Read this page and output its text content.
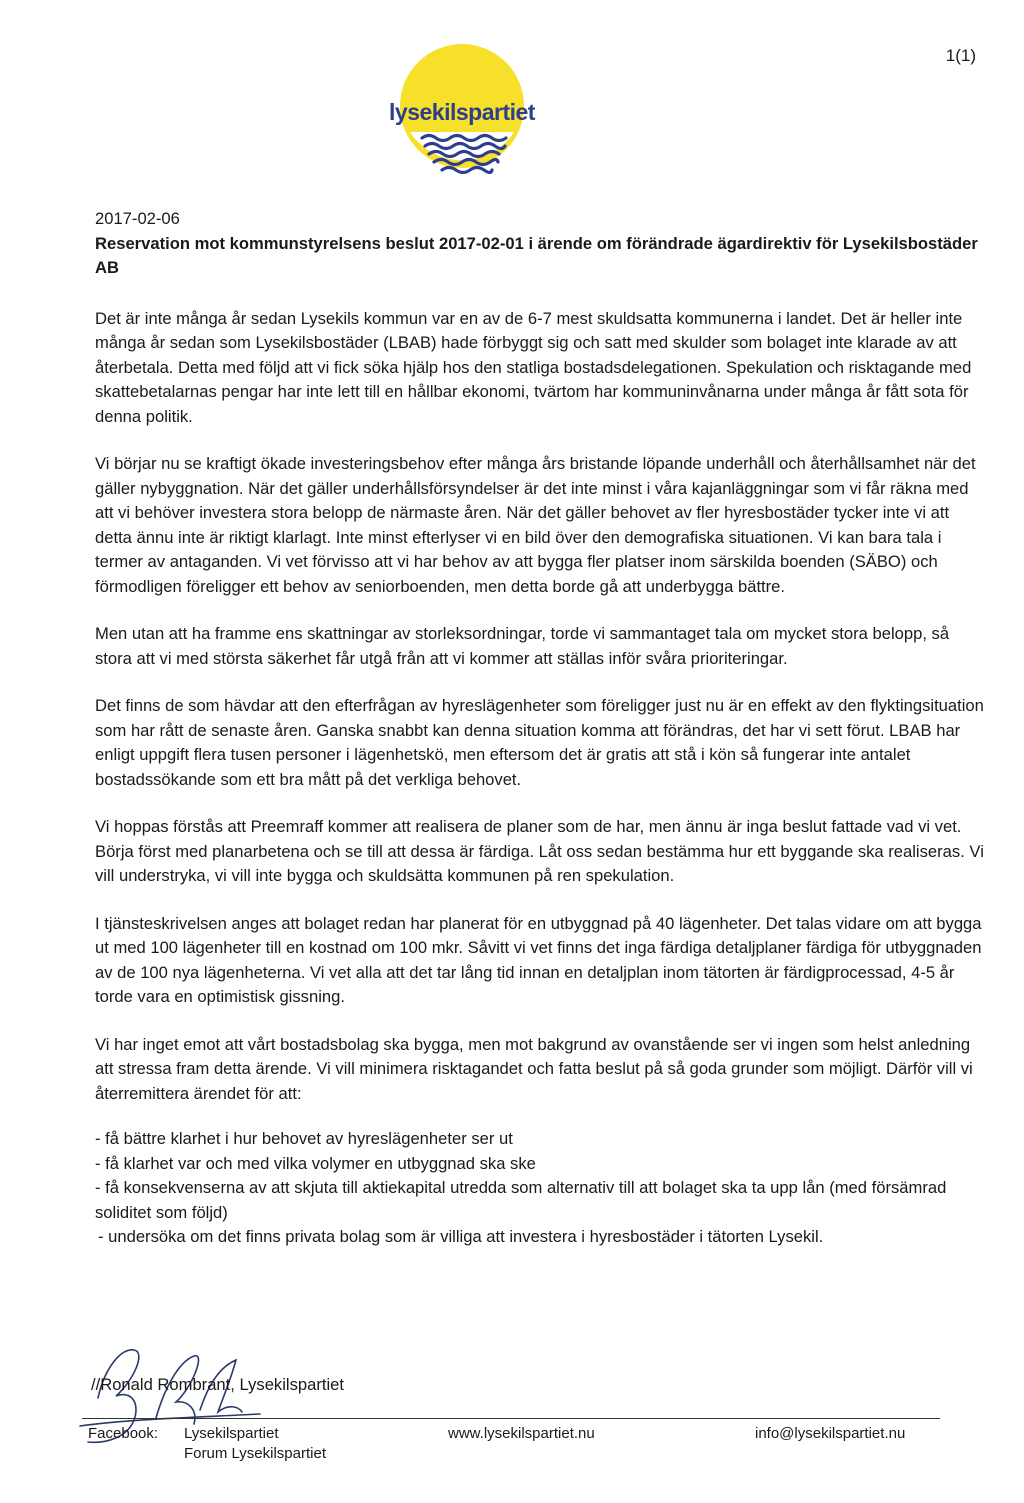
1(1)
lysekilspartiet

2017-02-06

Reservation mot kommunstyrelsens beslut 2017-02-01 i ärende om förändrade ägardirektiv för Lysekilsbostäder AB

Det är inte många år sedan Lysekils kommun var en av de 6-7 mest skuldsatta kommunerna i landet. Det är heller inte många år sedan som Lysekilsbostäder (LBAB) hade förbyggt sig och satt med skulder som bolaget inte klarade av att återbetala. Detta med följd att vi fick söka hjälp hos den statliga bostadsdelegationen. Spekulation och risktagande med skattebetalarnas pengar har inte lett till en hållbar ekonomi, tvärtom har kommuninvånarna under många år fått sota för denna politik.

Vi börjar nu se kraftigt ökade investeringsbehov efter många års bristande löpande underhåll och återhållsamhet när det gäller nybyggnation. När det gäller underhållsförsyndelser är det inte minst i våra kajanläggningar som vi får räkna med att vi behöver investera stora belopp de närmaste åren. När det gäller behovet av fler hyresbostäder tycker inte vi att detta ännu inte är riktigt klarlagt. Inte minst efterlyser vi en bild över den demografiska situationen. Vi kan bara tala i termer av antaganden. Vi vet förvisso att vi har behov av att bygga fler platser inom särskilda boenden (SÄBO) och förmodligen föreligger ett behov av seniorboenden, men detta borde gå att underbygga bättre.

Men utan att ha framme ens skattningar av storleksordningar, torde vi sammantaget tala om mycket stora belopp, så stora att vi med största säkerhet får utgå från att vi kommer att ställas inför svåra prioriteringar.

Det finns de som hävdar att den efterfrågan av hyreslägenheter som föreligger just nu är en effekt av den flyktingsituation som har rått de senaste åren. Ganska snabbt kan denna situation komma att förändras, det har vi sett förut. LBAB har enligt uppgift flera tusen personer i lägenhetskö, men eftersom det är gratis att stå i kön så fungerar inte antalet bostadssökande som ett bra mått på det verkliga behovet.

Vi hoppas förstås att Preemraff kommer att realisera de planer som de har, men ännu är inga beslut fattade vad vi vet. Börja först med planarbetena och se till att dessa är färdiga. Låt oss sedan bestämma hur ett byggande ska realiseras. Vi vill understryka, vi vill inte bygga och skuldsätta kommunen på ren spekulation.

I tjänsteskrivelsen anges att bolaget redan har planerat för en utbyggnad på 40 lägenheter. Det talas vidare om att bygga ut med 100 lägenheter till en kostnad om 100 mkr. Såvitt vi vet finns det inga färdiga detaljplaner färdiga för utbyggnaden av de 100 nya lägenheterna. Vi vet alla att det tar lång tid innan en detaljplan inom tätorten är färdigprocessad, 4-5 år torde vara en optimistisk gissning.

Vi har inget emot att vårt bostadsbolag ska bygga, men mot bakgrund av ovanstående ser vi ingen som helst anledning att stressa fram detta ärende. Vi vill minimera risktagandet och fatta beslut på så goda grunder som möjligt. Därför vill vi återremittera ärendet för att:

- få bättre klarhet i hur behovet av hyreslägenheter ser ut

- få klarhet var och med vilka volymer en utbyggnad ska ske

- få konsekvenserna av att skjuta till aktiekapital utredda som alternativ till att bolaget ska ta upp lån (med försämrad soliditet som följd)

- undersöka om det finns privata bolag som är villiga att investera i hyresbostäder i tätorten Lysekil.

//Ronald Rombrant, Lysekilspartiet
Facebook: Lysekilspartiet
Forum Lysekilspartiet
www.lysekilspartiet.nu	info@lysekilspartiet.nu
